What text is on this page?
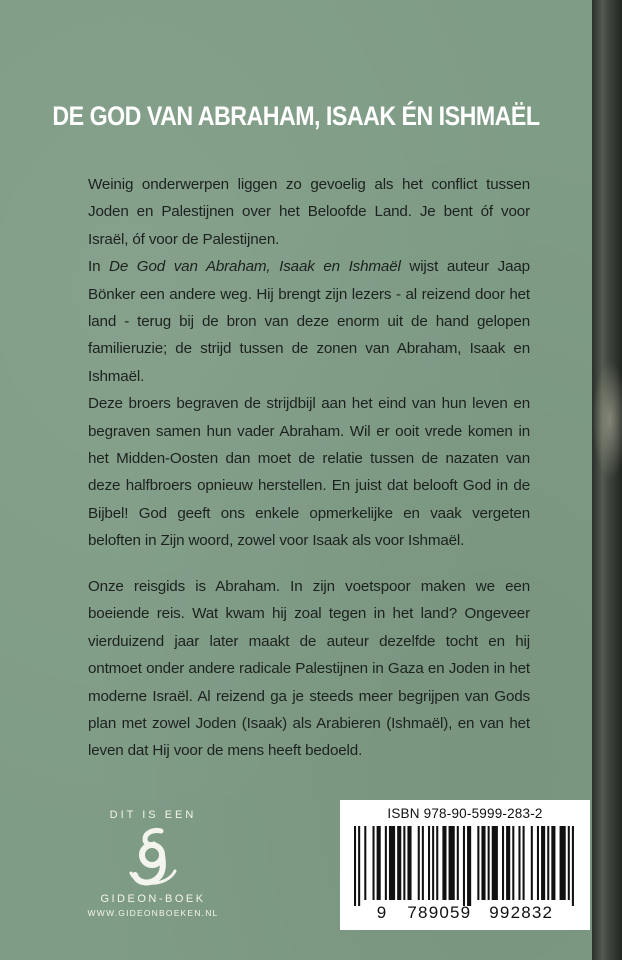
DE GOD VAN ABRAHAM, ISAAK ÉN ISHMAËL

Weinig onderwerpen liggen zo gevoelig als het conflict tussen Joden en Palestijnen over het Beloofde Land. Je bent óf voor Israël, óf voor de Palestijnen.

In De God van Abraham, Isaak en Ishmaël wijst auteur Jaap Bönker een andere weg. Hij brengt zijn lezers - al reizend door het land - terug bij de bron van deze enorm uit de hand gelopen familieruzie; de strijd tussen de zonen van Abraham, Isaak en Ishmaël.

Deze broers begraven de strijdbijl aan het eind van hun leven en begraven samen hun vader Abraham. Wil er ooit vrede komen in het Midden-Oosten dan moet de relatie tussen de nazaten van deze halfbroers opnieuw herstellen. En juist dat belooft God in de Bijbel! God geeft ons enkele opmerkelijke en vaak vergeten beloften in Zijn woord, zowel voor Isaak als voor Ishmaël.

Onze reisgids is Abraham. In zijn voetspoor maken we een boeiende reis. Wat kwam hij zoal tegen in het land? Ongeveer vierduizend jaar later maakt de auteur dezelfde tocht en hij ontmoet onder andere radicale Palestijnen in Gaza en Joden in het moderne Israël. Al reizend ga je steeds meer begrijpen van Gods plan met zowel Joden (Isaak) als Arabieren (Ishmaël), en van het leven dat Hij voor de mens heeft bedoeld.

DIT IS EEN
GIDEON-BOEK
WWW.GIDEONBOEKEN.NL
ISBN 978-90-5999-283-2
9 789059 992832
